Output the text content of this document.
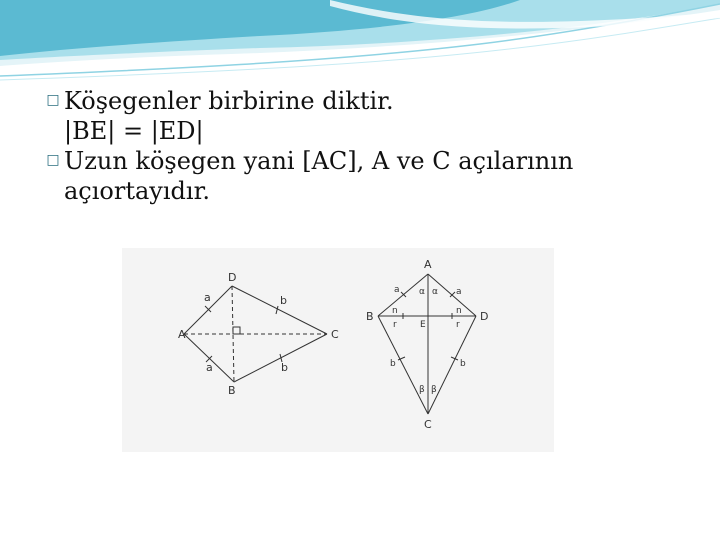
□ Köşegenler birbirine diktir.
|BE| = |ED|
□ Uzun köşegen yani [AC], A ve C açılarının
açıortayıdır.
D
A	C
B
a	b
a	b
A
B	D
C
a	a
α α
n	n
r	r
E
b	b
β β
